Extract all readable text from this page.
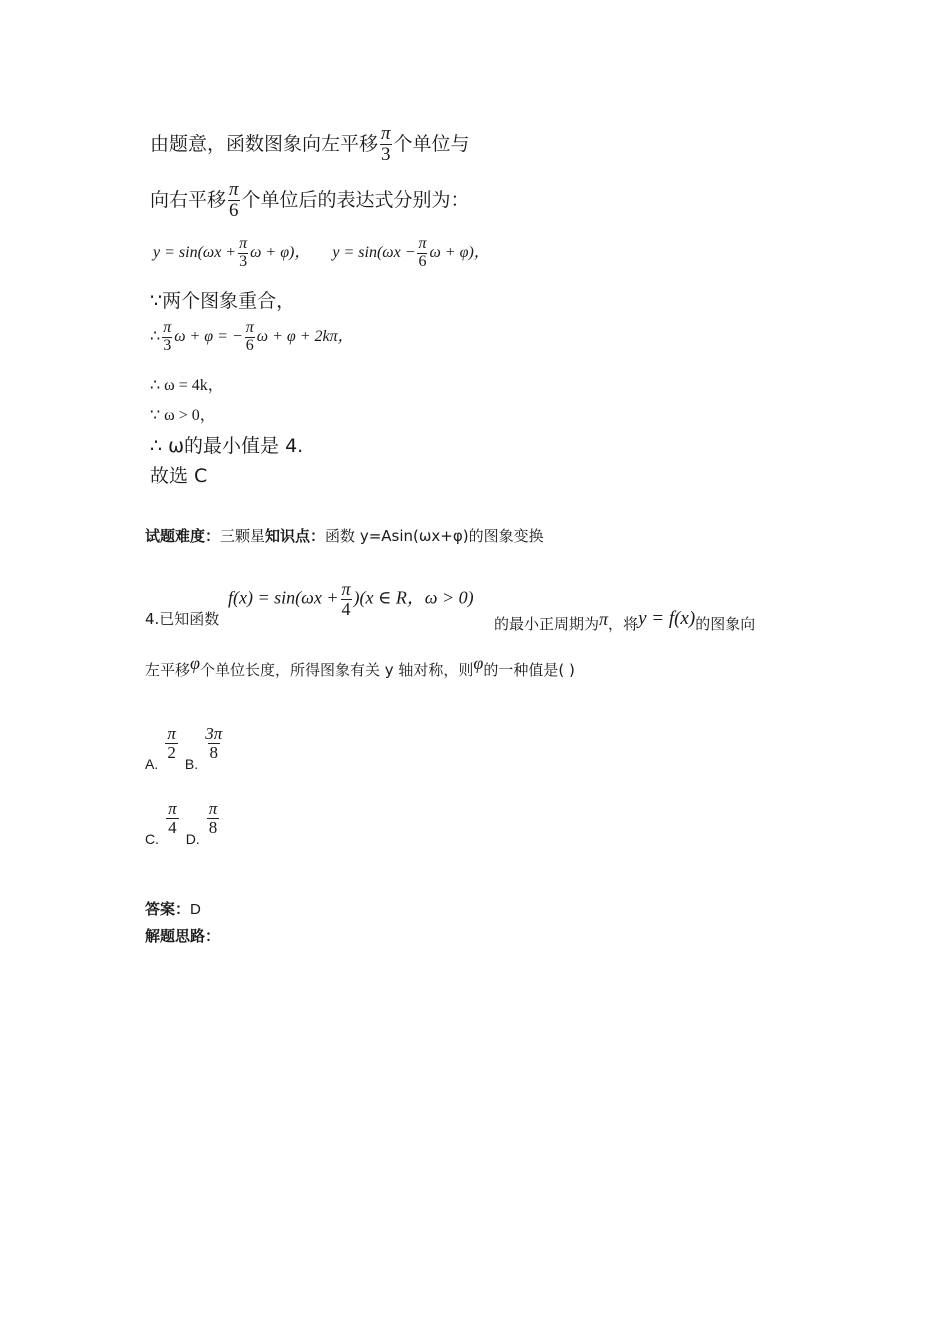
由题意，函数图象向左平移 $\frac{\pi}{3}$ 个单位与
向右平移 $\frac{\pi}{6}$ 个单位后的表达式分别为：
$y = \sin(\omega x + \frac{\pi}{3}$ ω + φ)， $y = \sin(\omega x - \frac{\pi}{6}$ ω + φ)，
∵两个图象重合，
∴ $\frac{\pi}{3}$ ω + φ = − $\frac{\pi}{6}$ ω + φ + 2kπ，
∴ ω = 4k，
∵ ω > 0，
∴ ω的最小值是 4.
故选 C
试题难度：三颗星知识点：函数 y=Asin(ωx+φ)的图象变换
4.已知函数
$f(x) = \sin(\omega x + \frac{\pi}{4} )(x$ ∈ R，ω > 0)
的最小正周期为π，将y = f(x)的图象向
左平移φ个单位长度，所得图象有关 y 轴对称，则φ的一种值是( )
A.
$\frac{\pi}{2}$
B.
$\frac{3\pi}{8}$
C.
$\frac{\pi}{4}$
D.
$\frac{\pi}{8}$
答案：D
解题思路：
